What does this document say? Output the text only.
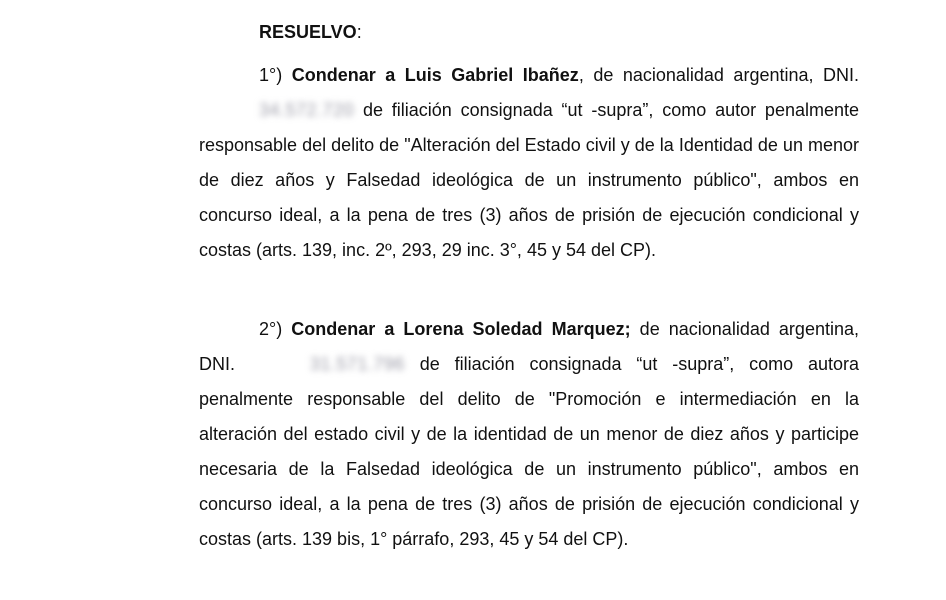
RESUELVO:

1°) Condenar a Luis Gabriel Ibañez, de nacionalidad argentina, DNI. 34.572.720 de filiación consignada “ut -supra”, como autor penalmente responsable del delito de "Alteración del Estado civil y de la Identidad de un menor de diez años y Falsedad ideológica de un instrumento público", ambos en concurso ideal, a la pena de tres (3) años de prisión de ejecución condicional y costas (arts. 139, inc. 2º, 293, 29 inc. 3°, 45 y 54 del CP).

2°) Condenar a Lorena Soledad Marquez; de nacionalidad argentina, DNI.	31.571.796 de filiación consignada “ut -supra”, como autora penalmente responsable del delito de "Promoción e intermediación en la alteración del estado civil y de la identidad de un menor de diez años y participe necesaria de la Falsedad ideológica de un instrumento público", ambos en concurso ideal, a la pena de tres (3) años de prisión de ejecución condicional y costas (arts. 139 bis, 1° párrafo, 293, 45 y 54 del CP).
